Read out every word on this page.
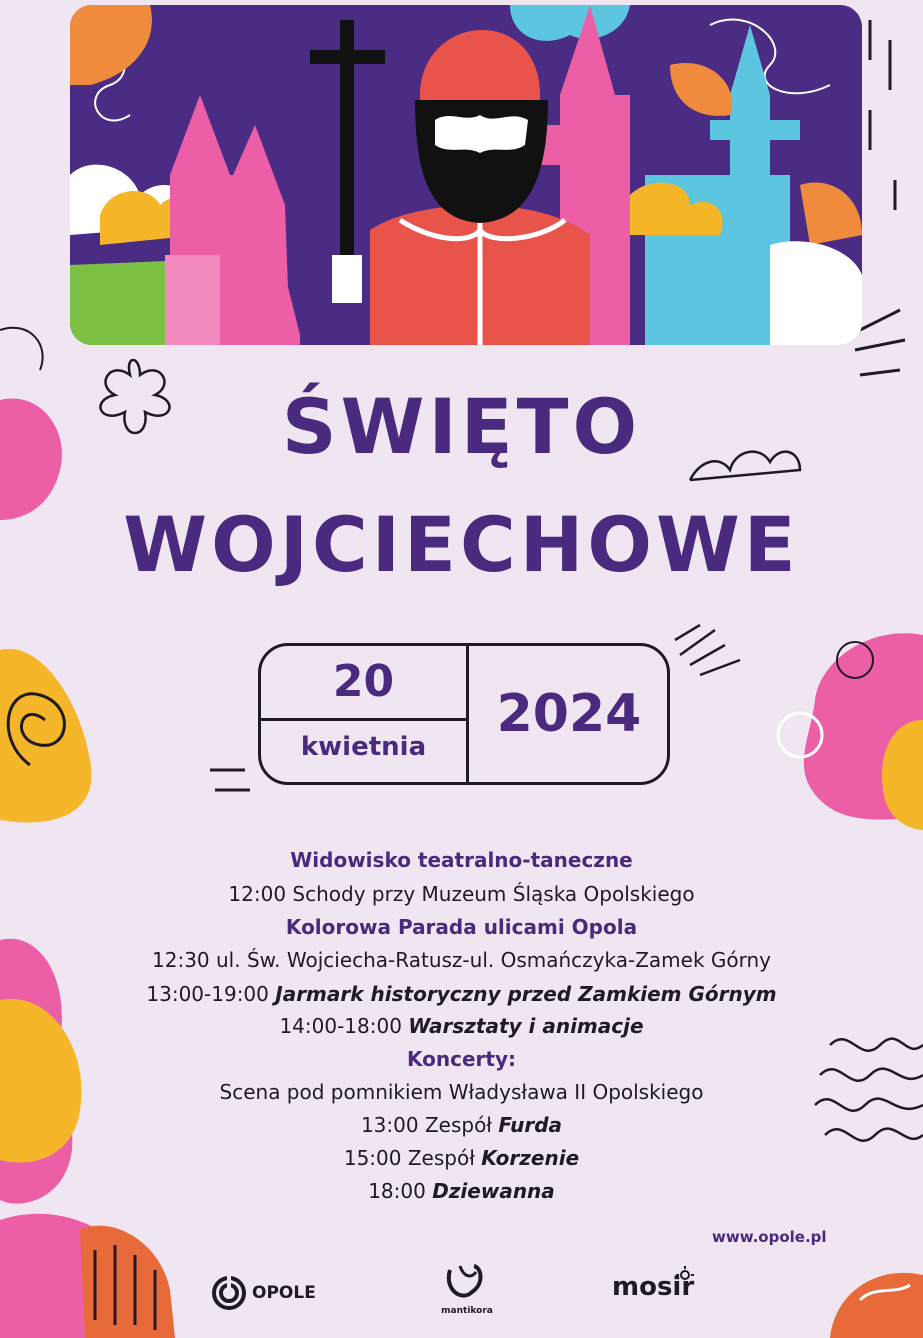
ŚWIĘTO
WOJCIECHOWE
20
kwietnia
2024
Widowisko teatralno-taneczne
12:00 Schody przy Muzeum Śląska Opolskiego
Kolorowa Parada ulicami Opola
12:30 ul. Św. Wojciecha-Ratusz-ul. Osmańczyka-Zamek Górny
13:00-19:00 Jarmark historyczny przed Zamkiem Górnym
14:00-18:00 Warsztaty i animacje
Koncerty:
Scena pod pomnikiem Władysława II Opolskiego
13:00 Zespół Furda
15:00 Zespół Korzenie
18:00 Dziewanna
www.opole.pl
OPOLE
mantikora
mosir
